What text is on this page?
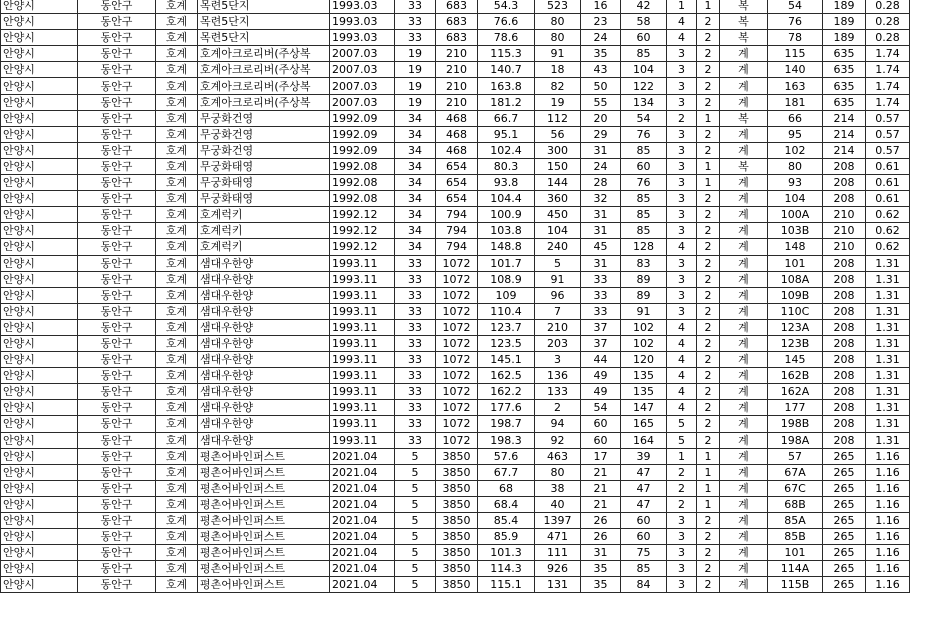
안양시	동안구	호계	목련5단지	1993.03	33	683	54.3	523	16	42	1	1	복	54	189	0.28
안양시	동안구	호계	목련5단지	1993.03	33	683	76.6	80	23	58	4	2	복	76	189	0.28
안양시	동안구	호계	목련5단지	1993.03	33	683	78.6	80	24	60	4	2	복	78	189	0.28
안양시	동안구	호계	호계아크로리버(주상복	2007.03	19	210	115.3	91	35	85	3	2	계	115	635	1.74
안양시	동안구	호계	호계아크로리버(주상복	2007.03	19	210	140.7	18	43	104	3	2	계	140	635	1.74
안양시	동안구	호계	호계아크로리버(주상복	2007.03	19	210	163.8	82	50	122	3	2	계	163	635	1.74
안양시	동안구	호계	호계아크로리버(주상복	2007.03	19	210	181.2	19	55	134	3	2	계	181	635	1.74
안양시	동안구	호계	무궁화건영	1992.09	34	468	66.7	112	20	54	2	1	복	66	214	0.57
안양시	동안구	호계	무궁화건영	1992.09	34	468	95.1	56	29	76	3	2	계	95	214	0.57
안양시	동안구	호계	무궁화건영	1992.09	34	468	102.4	300	31	85	3	2	계	102	214	0.57
안양시	동안구	호계	무궁화태영	1992.08	34	654	80.3	150	24	60	3	1	복	80	208	0.61
안양시	동안구	호계	무궁화태영	1992.08	34	654	93.8	144	28	76	3	1	계	93	208	0.61
안양시	동안구	호계	무궁화태영	1992.08	34	654	104.4	360	32	85	3	2	계	104	208	0.61
안양시	동안구	호계	호계럭키	1992.12	34	794	100.9	450	31	85	3	2	계	100A	210	0.62
안양시	동안구	호계	호계럭키	1992.12	34	794	103.8	104	31	85	3	2	계	103B	210	0.62
안양시	동안구	호계	호계럭키	1992.12	34	794	148.8	240	45	128	4	2	계	148	210	0.62
안양시	동안구	호계	샘대우한양	1993.11	33	1072	101.7	5	31	83	3	2	계	101	208	1.31
안양시	동안구	호계	샘대우한양	1993.11	33	1072	108.9	91	33	89	3	2	계	108A	208	1.31
안양시	동안구	호계	샘대우한양	1993.11	33	1072	109	96	33	89	3	2	계	109B	208	1.31
안양시	동안구	호계	샘대우한양	1993.11	33	1072	110.4	7	33	91	3	2	계	110C	208	1.31
안양시	동안구	호계	샘대우한양	1993.11	33	1072	123.7	210	37	102	4	2	계	123A	208	1.31
안양시	동안구	호계	샘대우한양	1993.11	33	1072	123.5	203	37	102	4	2	계	123B	208	1.31
안양시	동안구	호계	샘대우한양	1993.11	33	1072	145.1	3	44	120	4	2	계	145	208	1.31
안양시	동안구	호계	샘대우한양	1993.11	33	1072	162.5	136	49	135	4	2	계	162B	208	1.31
안양시	동안구	호계	샘대우한양	1993.11	33	1072	162.2	133	49	135	4	2	계	162A	208	1.31
안양시	동안구	호계	샘대우한양	1993.11	33	1072	177.6	2	54	147	4	2	계	177	208	1.31
안양시	동안구	호계	샘대우한양	1993.11	33	1072	198.7	94	60	165	5	2	계	198B	208	1.31
안양시	동안구	호계	샘대우한양	1993.11	33	1072	198.3	92	60	164	5	2	계	198A	208	1.31
안양시	동안구	호계	평촌어바인퍼스트	2021.04	5	3850	57.6	463	17	39	1	1	계	57	265	1.16
안양시	동안구	호계	평촌어바인퍼스트	2021.04	5	3850	67.7	80	21	47	2	1	계	67A	265	1.16
안양시	동안구	호계	평촌어바인퍼스트	2021.04	5	3850	68	38	21	47	2	1	계	67C	265	1.16
안양시	동안구	호계	평촌어바인퍼스트	2021.04	5	3850	68.4	40	21	47	2	1	계	68B	265	1.16
안양시	동안구	호계	평촌어바인퍼스트	2021.04	5	3850	85.4	1397	26	60	3	2	계	85A	265	1.16
안양시	동안구	호계	평촌어바인퍼스트	2021.04	5	3850	85.9	471	26	60	3	2	계	85B	265	1.16
안양시	동안구	호계	평촌어바인퍼스트	2021.04	5	3850	101.3	111	31	75	3	2	계	101	265	1.16
안양시	동안구	호계	평촌어바인퍼스트	2021.04	5	3850	114.3	926	35	85	3	2	계	114A	265	1.16
안양시	동안구	호계	평촌어바인퍼스트	2021.04	5	3850	115.1	131	35	84	3	2	계	115B	265	1.16
